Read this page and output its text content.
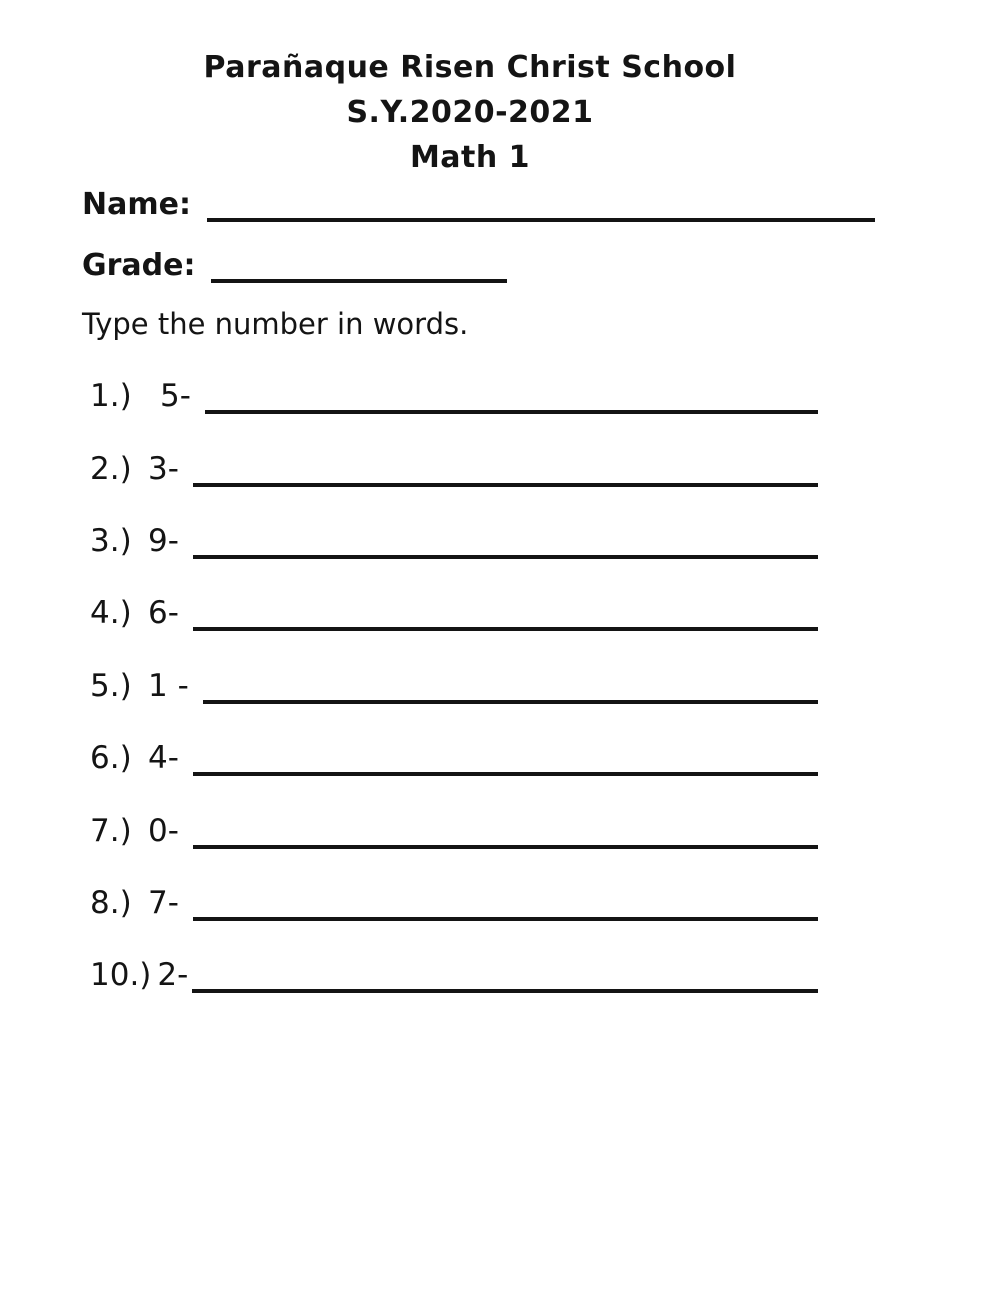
Parañaque Risen Christ School
S.Y.2020-2021
Math 1
Name:
Grade:
Type the number in words.
1.) 5-
2.) 3-
3.) 9-
4.) 6-
5.) 1 -
6.) 4-
7.) 0-
8.) 7-
10.) 2-
